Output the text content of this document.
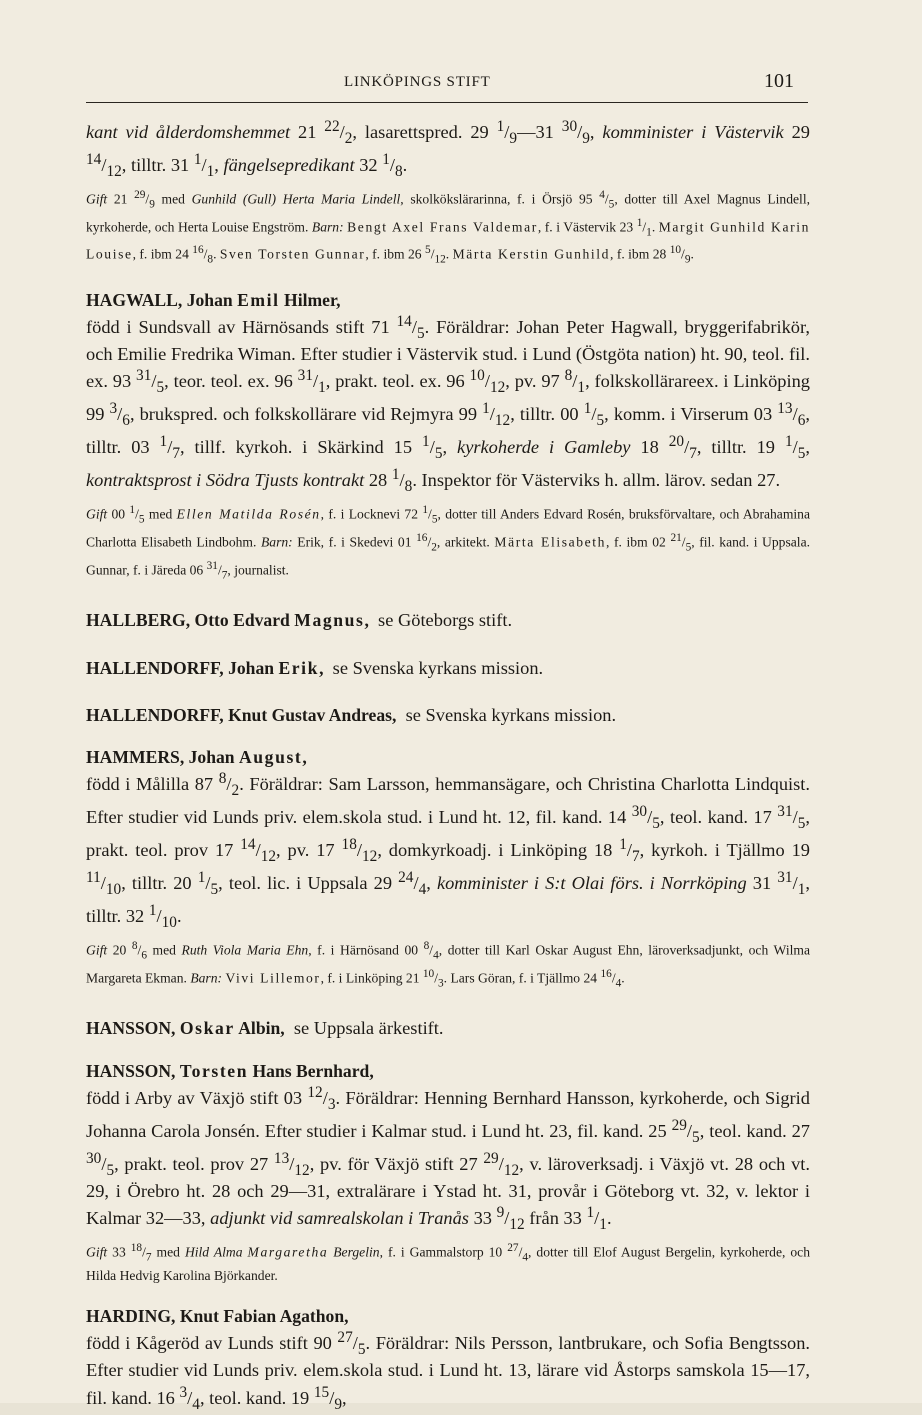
LINKÖPINGS STIFT	101

kant vid ålderdomshemmet 21 $^{22}/_2$, lasarettspred. 29 $^1/_9—31$ $^{30}/_9$, komminister i Västervik 29 $^{14}/_{12}$, tilltr. 31 $^1/_1$, fängelsepredikant 32 $^1/_8$.

Gift 21 $^{29}/_9$ med Gunhild (Gull) Herta Maria Lindell, skolkökslärarinna, f. i Örsjö 95 $^4/_5$, dotter till Axel Magnus Lindell, kyrkoherde, och Herta Louise Engström. Barn: Bengt Axel Frans Valdemar, f. i Västervik 23 $^1/_1$. Margit Gunhild Karin Louise, f. ibm 24 $^{16}/_8$. Sven Torsten Gunnar, f. ibm 26 $^5/_{12}$. Märta Kerstin Gunhild, f. ibm 28 $^{10}/_9$.

HAGWALL, Johan Emil Hilmer,
född i Sundsvall av Härnösands stift 71 $^{14}/_5$. Föräldrar: Johan Peter Hagwall, bryggerifabrikör, och Emilie Fredrika Wiman. Efter studier i Västervik stud. i Lund (Östgöta nation) ht. 90, teol. fil. ex. 93 $^{31}/_5$, teor. teol. ex. 96 $^{31}/_1$, prakt. teol. ex. 96 $^{10}/_{12}$, pv. 97 $^8/_1$, folkskollärareex. i Linköping 99 $^3/_6$, brukspred. och folkskollärare vid Rejmyra 99 $^1/_{12}$, tilltr. 00 $^1/_5$, komm. i Virserum 03 $^{13}/_6$, tilltr. 03 $^1/_7$, tillf. kyrkoh. i Skärkind 15 $^1/_5$, kyrkoherde i Gamleby 18 $^{20}/_7$, tilltr. 19 $^1/_5$, kontraktsprost i Södra Tjusts kontrakt 28 $^1/_8$. Inspektor för Västerviks h. allm. lärov. sedan 27.

Gift 00 $^1/_5$ med Ellen Matilda Rosén, f. i Locknevi 72 $^1/_5$, dotter till Anders Edvard Rosén, bruksförvaltare, och Abrahamina Charlotta Elisabeth Lindbohm. Barn: Erik, f. i Skedevi 01 $^{16}/_2$, arkitekt. Märta Elisabeth, f. ibm 02 $^{21}/_5$, fil. kand. i Uppsala. Gunnar, f. i Järeda 06 $^{31}/_7$, journalist.

HALLBERG, Otto Edvard Magnus,  se Göteborgs stift.

HALLENDORFF, Johan Erik,  se Svenska kyrkans mission.

HALLENDORFF, Knut Gustav Andreas,  se Svenska kyrkans mission.

HAMMERS, Johan August,
född i Målilla 87 $^8/_2$. Föräldrar: Sam Larsson, hemmansägare, och Christina Charlotta Lindquist. Efter studier vid Lunds priv. elem.skola stud. i Lund ht. 12, fil. kand. 14 $^{30}/_5$, teol. kand. 17 $^{31}/_5$, prakt. teol. prov 17 $^{14}/_{12}$, pv. 17 $^{18}/_{12}$, domkyrkoadj. i Linköping 18 $^1/_7$, kyrkoh. i Tjällmo 19 $^{11}/_{10}$, tilltr. 20 $^1/_5$, teol. lic. i Uppsala 29 $^{24}/_4$, komminister i S:t Olai förs. i Norrköping 31 $^{31}/_1$, tilltr. 32 $^1/_{10}$.

Gift 20 $^8/_6$ med Ruth Viola Maria Ehn, f. i Härnösand 00 $^8/_4$, dotter till Karl Oskar August Ehn, läroverksadjunkt, och Wilma Margareta Ekman. Barn: Vivi Lillemor, f. i Linköping 21 $^{10}/_3$. Lars Göran, f. i Tjällmo 24 $^{16}/_4$.

HANSSON, Oskar Albin,  se Uppsala ärkestift.

HANSSON, Torsten Hans Bernhard,
född i Arby av Växjö stift 03 $^{12}/_3$. Föräldrar: Henning Bernhard Hansson, kyrkoherde, och Sigrid Johanna Carola Jonsén. Efter studier i Kalmar stud. i Lund ht. 23, fil. kand. 25 $^{29}/_5$, teol. kand. 27 $^{30}/_5$, prakt. teol. prov 27 $^{13}/_{12}$, pv. för Växjö stift 27 $^{29}/_{12}$, v. läroverksadj. i Växjö vt. 28 och vt. 29, i Örebro ht. 28 och 29—31, extralärare i Ystad ht. 31, provår i Göteborg vt. 32, v. lektor i Kalmar 32—33, adjunkt vid samrealskolan i Tranås 33 $^9/_{12}$ från 33 $^1/_1$.

Gift 33 $^{18}/_7$ med Hild Alma Margaretha Bergelin, f. i Gammalstorp 10 $^{27}/_4$, dotter till Elof August Bergelin, kyrkoherde, och Hilda Hedvig Karolina Björkander.

HARDING, Knut Fabian Agathon,
född i Kågeröd av Lunds stift 90 $^{27}/_5$. Föräldrar: Nils Persson, lantbrukare, och Sofia Bengtsson. Efter studier vid Lunds priv. elem.skola stud. i Lund ht. 13, lärare vid Åstorps samskola 15—17, fil. kand. 16 $^3/_4$, teol. kand. 19 $^{15}/_9$,
